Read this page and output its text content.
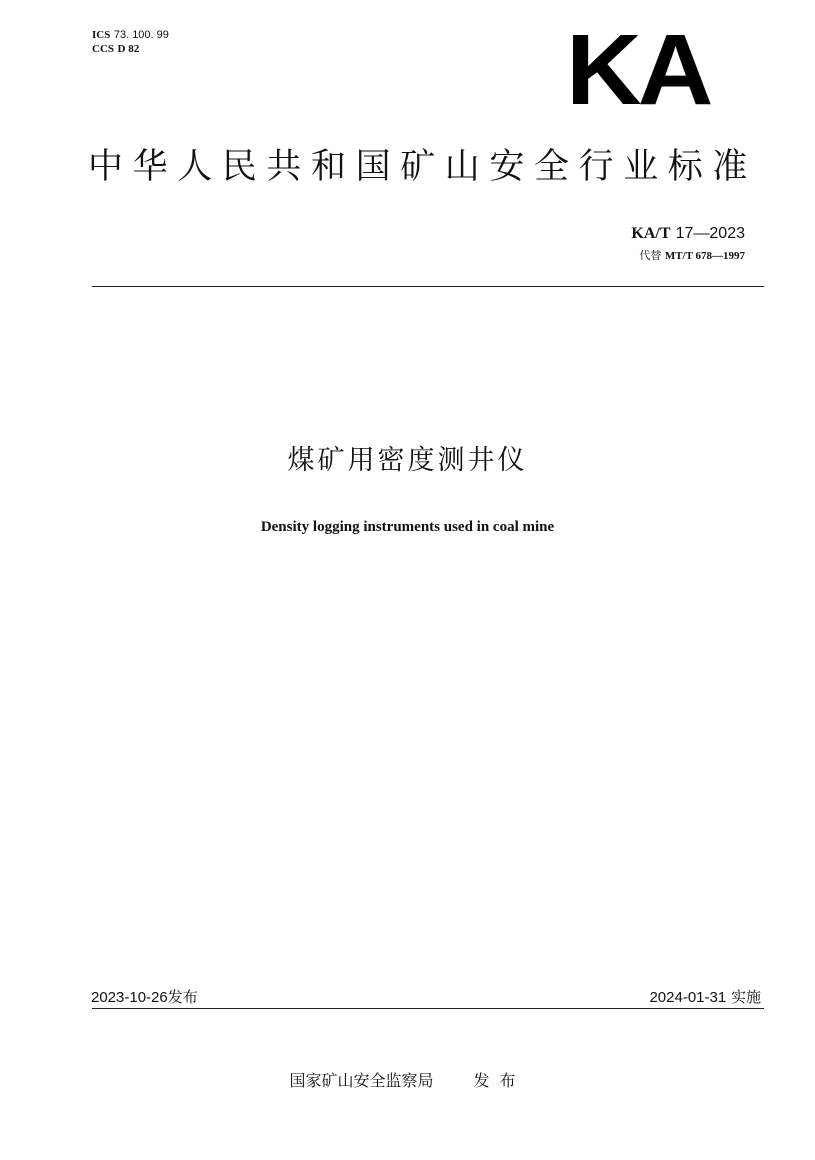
ICS 73. 100. 99
CCS D 82	KA
中华人民共和国矿山安全行业标准
KA/T 17—2023
代替 MT/T 678—1997
煤矿用密度测井仪
Density logging instruments used in coal mine
2023-10-26发布	2024-01-31 实施
国家矿山安全监察局	发布
